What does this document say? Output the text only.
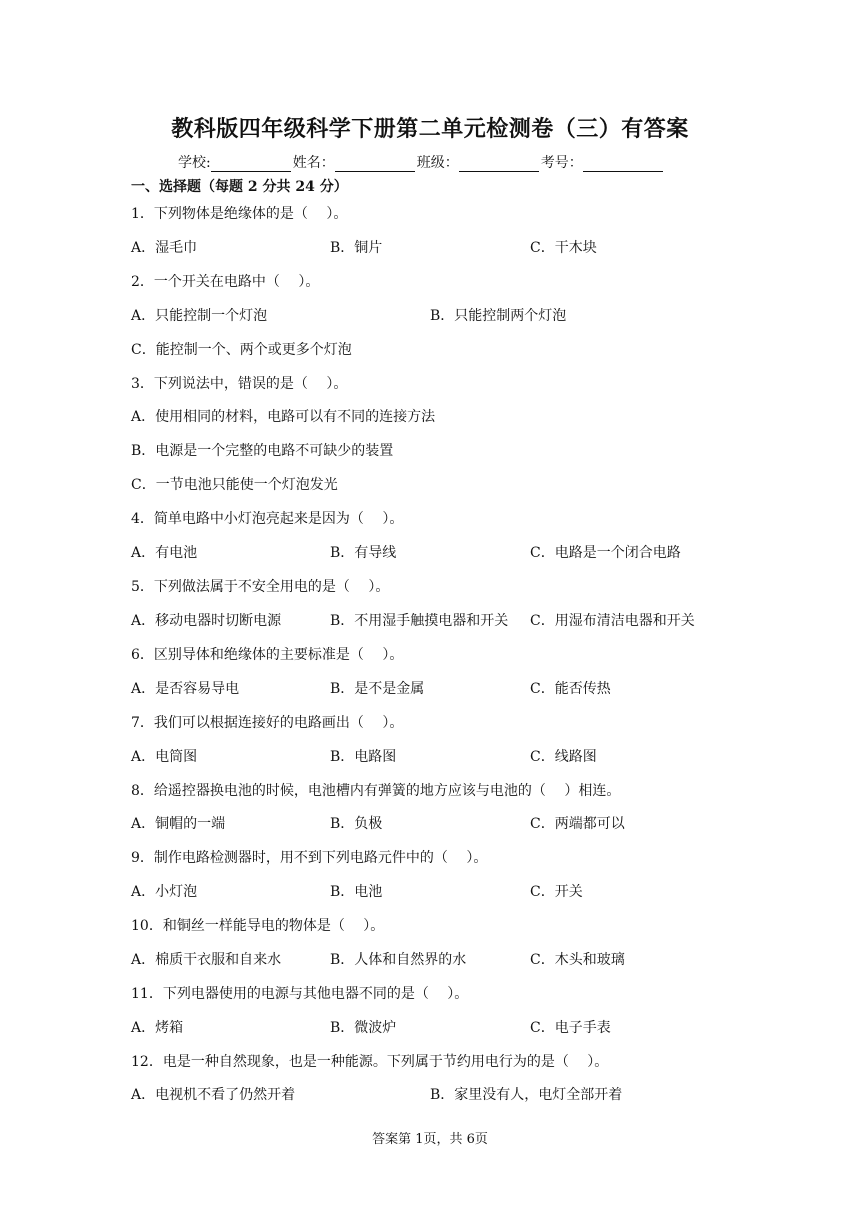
教科版四年级科学下册第二单元检测卷（三）有答案
学校:	姓名：	班级：	考号：
一、选择题（每题 2 分共 24 分）
1．下列物体是绝缘体的是（　 ）。
A．湿毛巾	B．铜片	C．干木块
2．一个开关在电路中（　 ）。
A．只能控制一个灯泡	B．只能控制两个灯泡
C．能控制一个、两个或更多个灯泡
3．下列说法中，错误的是（　 ）。
A．使用相同的材料，电路可以有不同的连接方法
B．电源是一个完整的电路不可缺少的装置
C．一节电池只能使一个灯泡发光
4．简单电路中小灯泡亮起来是因为（　 ）。
A．有电池	B．有导线	C．电路是一个闭合电路
5．下列做法属于不安全用电的是（　 ）。
A．移动电器时切断电源	B．不用湿手触摸电器和开关 C．用湿布清洁电器和开关
6．区别导体和绝缘体的主要标准是（　 ）。
A．是否容易导电	B．是不是金属	C．能否传热
7．我们可以根据连接好的电路画出（　 ）。
A．电筒图	B．电路图	C．线路图
8．给遥控器换电池的时候，电池槽内有弹簧的地方应该与电池的（　 ）相连。
A．铜帽的一端	B．负极	C．两端都可以
9．制作电路检测器时，用不到下列电路元件中的（　 ）。
A．小灯泡	B．电池	C．开关
10．和铜丝一样能导电的物体是（　 ）。
A．棉质干衣服和自来水	B．人体和自然界的水	C．木头和玻璃
11．下列电器使用的电源与其他电器不同的是（　 ）。
A．烤箱	B．微波炉	C．电子手表
12．电是一种自然现象，也是一种能源。下列属于节约用电行为的是（　 ）。
A．电视机不看了仍然开着	B．家里没有人，电灯全部开着
答案第 1页，共 6页
